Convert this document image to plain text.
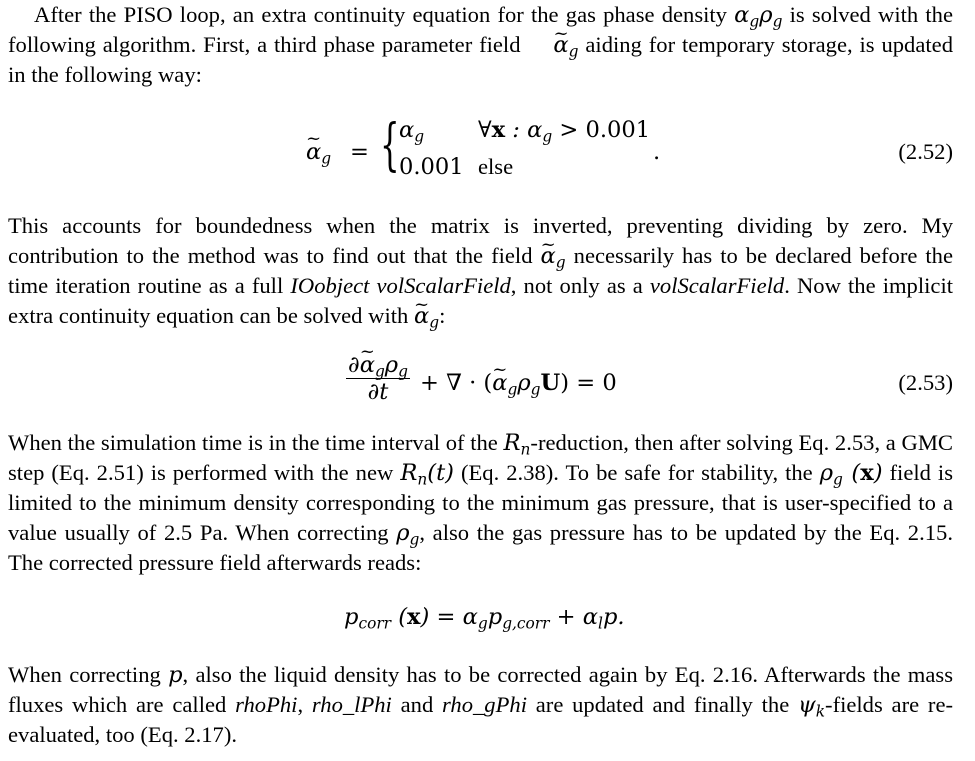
After the PISO loop, an extra continuity equation for the gas phase density $\alpha_g\rho_g$ is solved with the following algorithm. First, a third phase parameter field ~ $\alpha_g$ aiding for temporary storage, is updated in the following way:

~ $\alpha_g$ = { $\alpha_g$ ∀x : $\alpha_g > 0.001$
0.001 else
.	(2.52)

This accounts for boundedness when the matrix is inverted, preventing dividing by zero. My contribution to the method was to find out that the field ~ $\alpha_g$ necessarily has to be declared before the time iteration routine as a full IOobject volScalarField, not only as a volScalarField. Now the implicit extra continuity equation can be solved with ~ $\alpha_g$:

∂~ $\alpha_g\rho_g$
∂t	+ ∇ · (~ $\alpha_g\rho_gU) = 0$	(2.53)

When the simulation time is in the time interval of the $R_n$-reduction, then after solving Eq. 2.53, a GMC step (Eq. 2.51) is performed with the new $R_n(t)$ (Eq. 2.38). To be safe for stability, the $\rho_g$ (x) field is limited to the minimum density corresponding to the minimum gas pressure, that is user-specified to a value usually of 2.5 Pa. When correcting $\rho_g$, also the gas pressure has to be updated by the Eq. 2.15. The corrected pressure field afterwards reads:

$p_{corr}$ $(x) = \alpha_gp_{g,corr} + \alpha_lp$.

When correcting p, also the liquid density has to be corrected again by Eq. 2.16. Afterwards the mass fluxes which are called rhoPhi, rho_lPhi and rho_gPhi are updated and finally the $\psi_k$-fields are re-evaluated, too (Eq. 2.17).
